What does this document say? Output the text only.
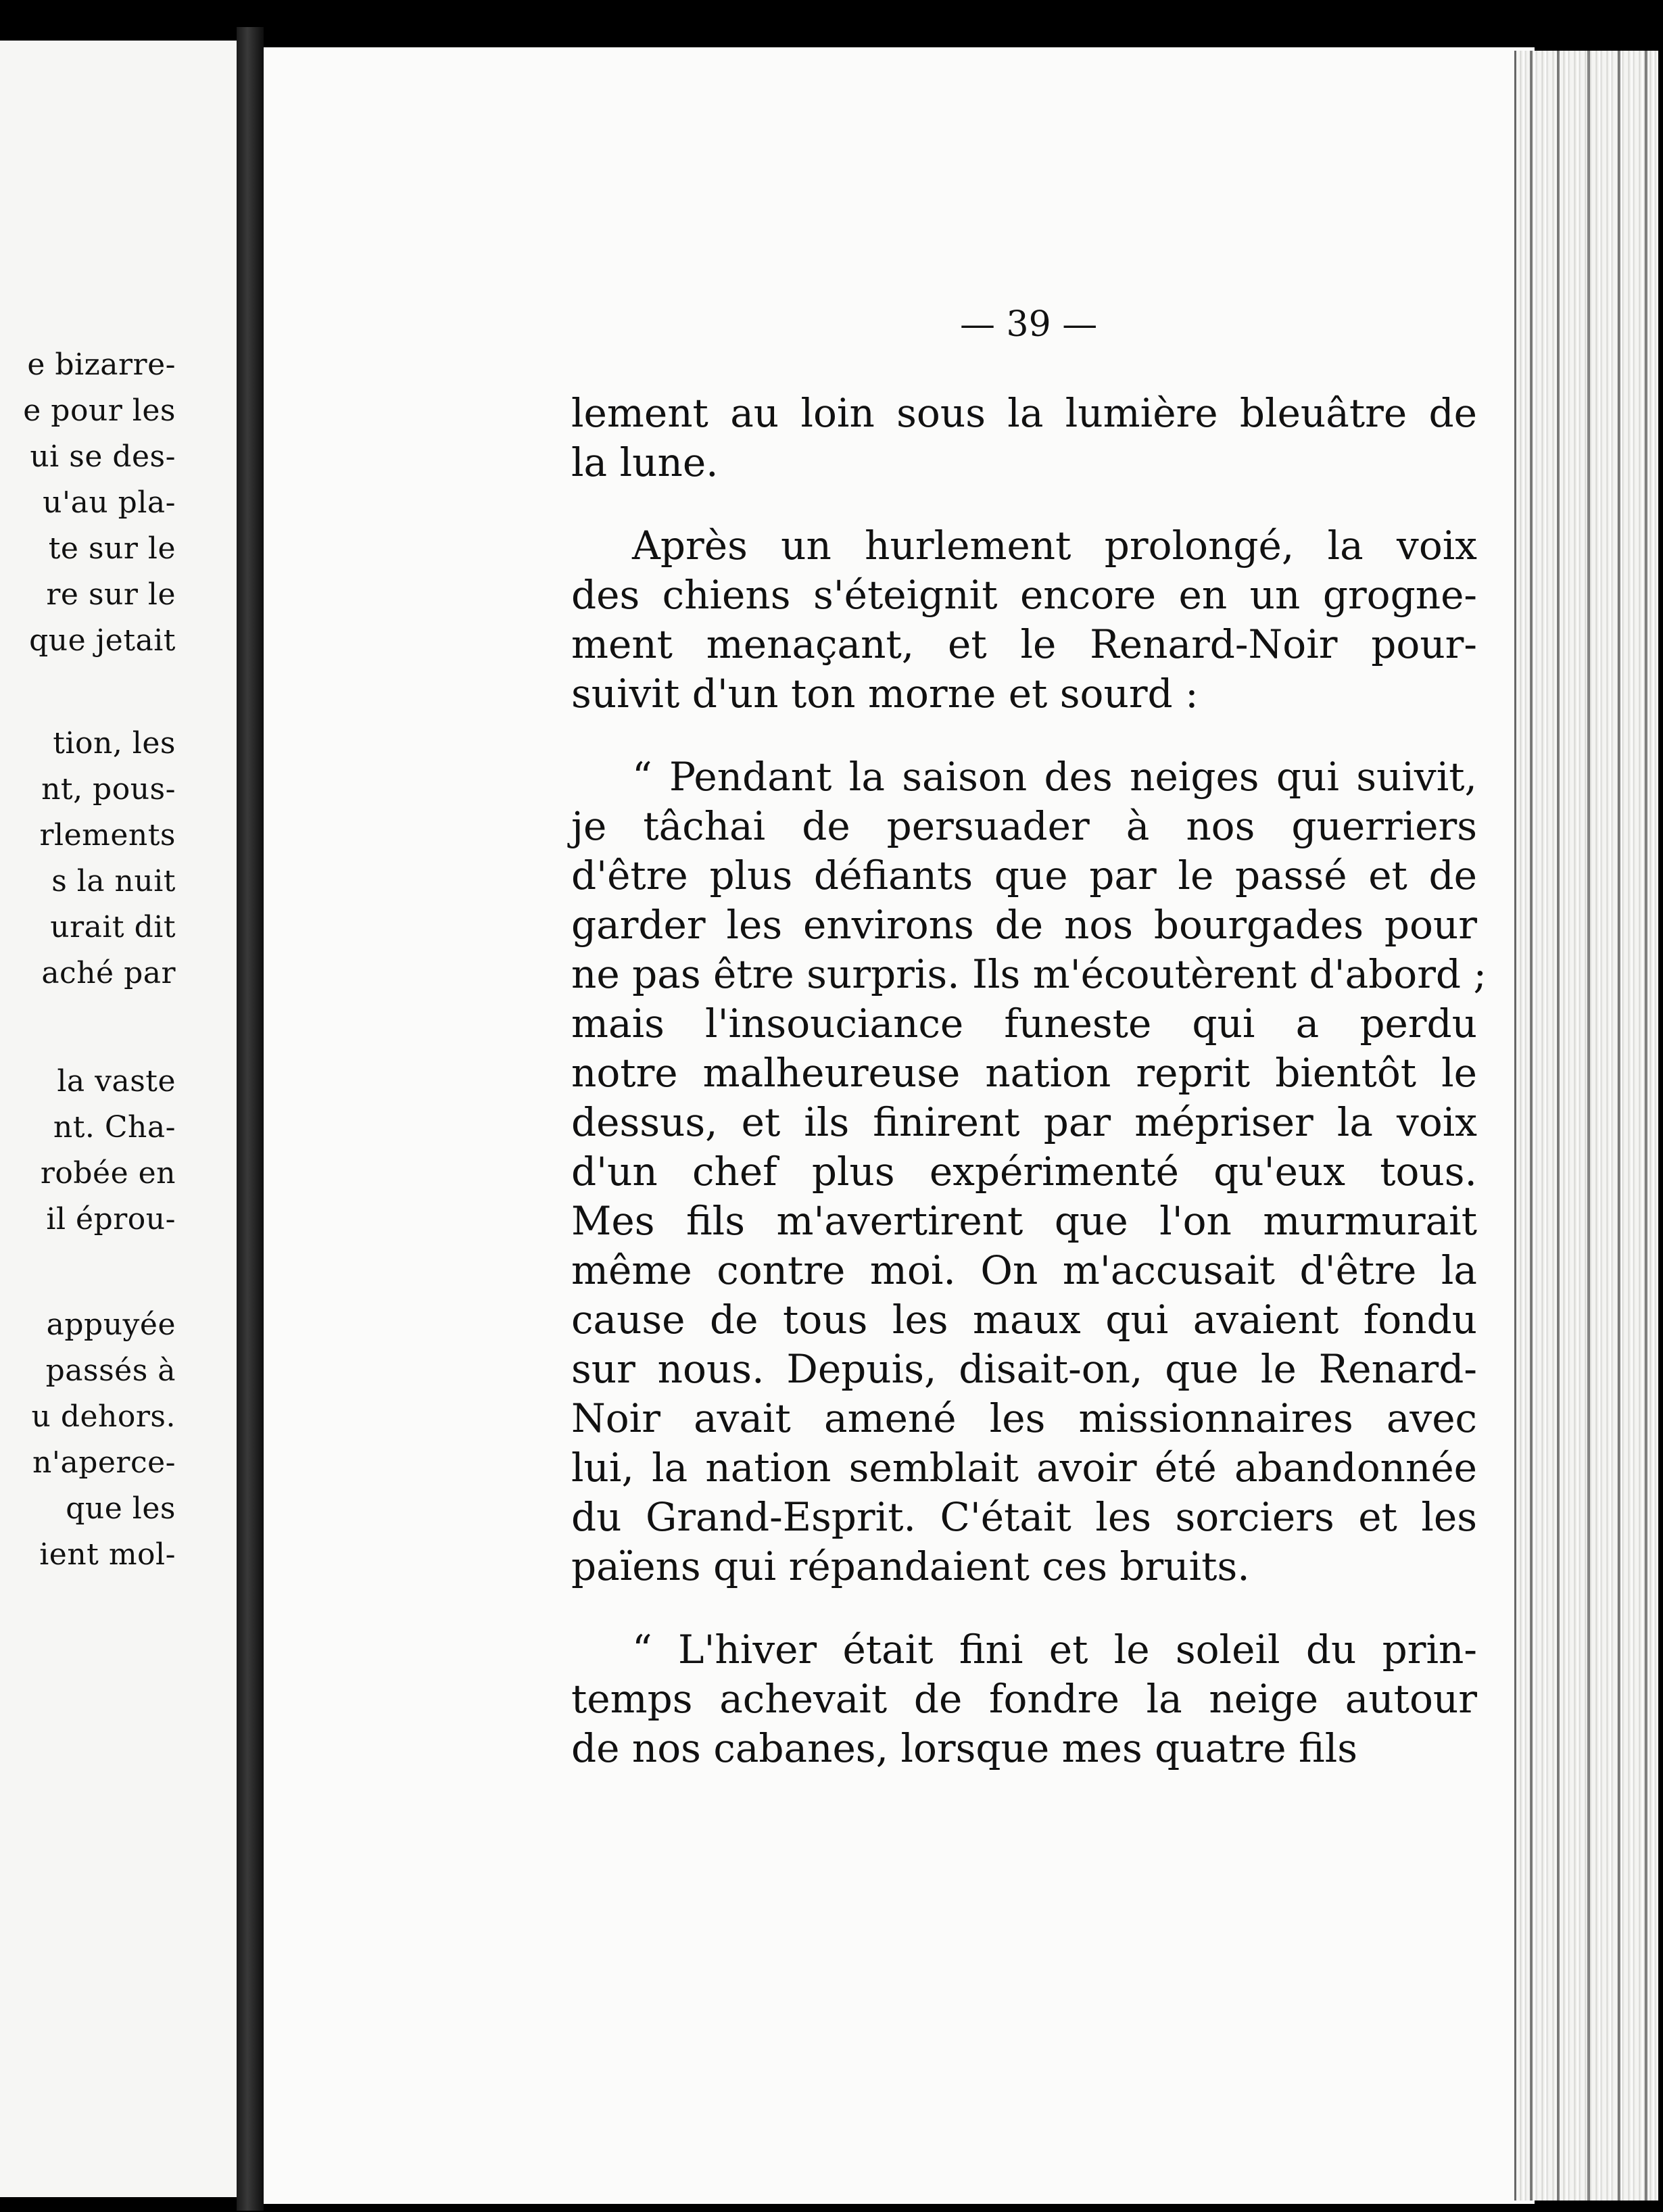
e bizarre-
e pour les
ui se des-
u'au pla-
te sur le
re sur le
que jetait
tion, les
nt, pous-
rlements
s la nuit
urait dit
aché par
la vaste
nt. Cha-
robée en
il éprou-
appuyée
passés à
u dehors.
n'aperce-
que les
ient mol-
— 39 —
lement au loin sous la lumière bleuâtre de
la lune.
Après un hurlement prolongé, la voix
des chiens s'éteignit encore en un grogne-
ment menaçant, et le Renard-Noir pour-
suivit d'un ton morne et sourd :
“ Pendant la saison des neiges qui suivit,
je tâchai de persuader à nos guerriers
d'être plus défiants que par le passé et de
garder les environs de nos bourgades pour
ne pas être surpris. Ils m'écoutèrent d'abord ;
mais l'insouciance funeste qui a perdu
notre malheureuse nation reprit bientôt le
dessus, et ils finirent par mépriser la voix
d'un chef plus expérimenté qu'eux tous.
Mes fils m'avertirent que l'on murmurait
même contre moi. On m'accusait d'être la
cause de tous les maux qui avaient fondu
sur nous. Depuis, disait-on, que le Renard-
Noir avait amené les missionnaires avec
lui, la nation semblait avoir été abandonnée
du Grand-Esprit. C'était les sorciers et les
païens qui répandaient ces bruits.
“ L'hiver était fini et le soleil du prin-
temps achevait de fondre la neige autour
de nos cabanes, lorsque mes quatre fils
